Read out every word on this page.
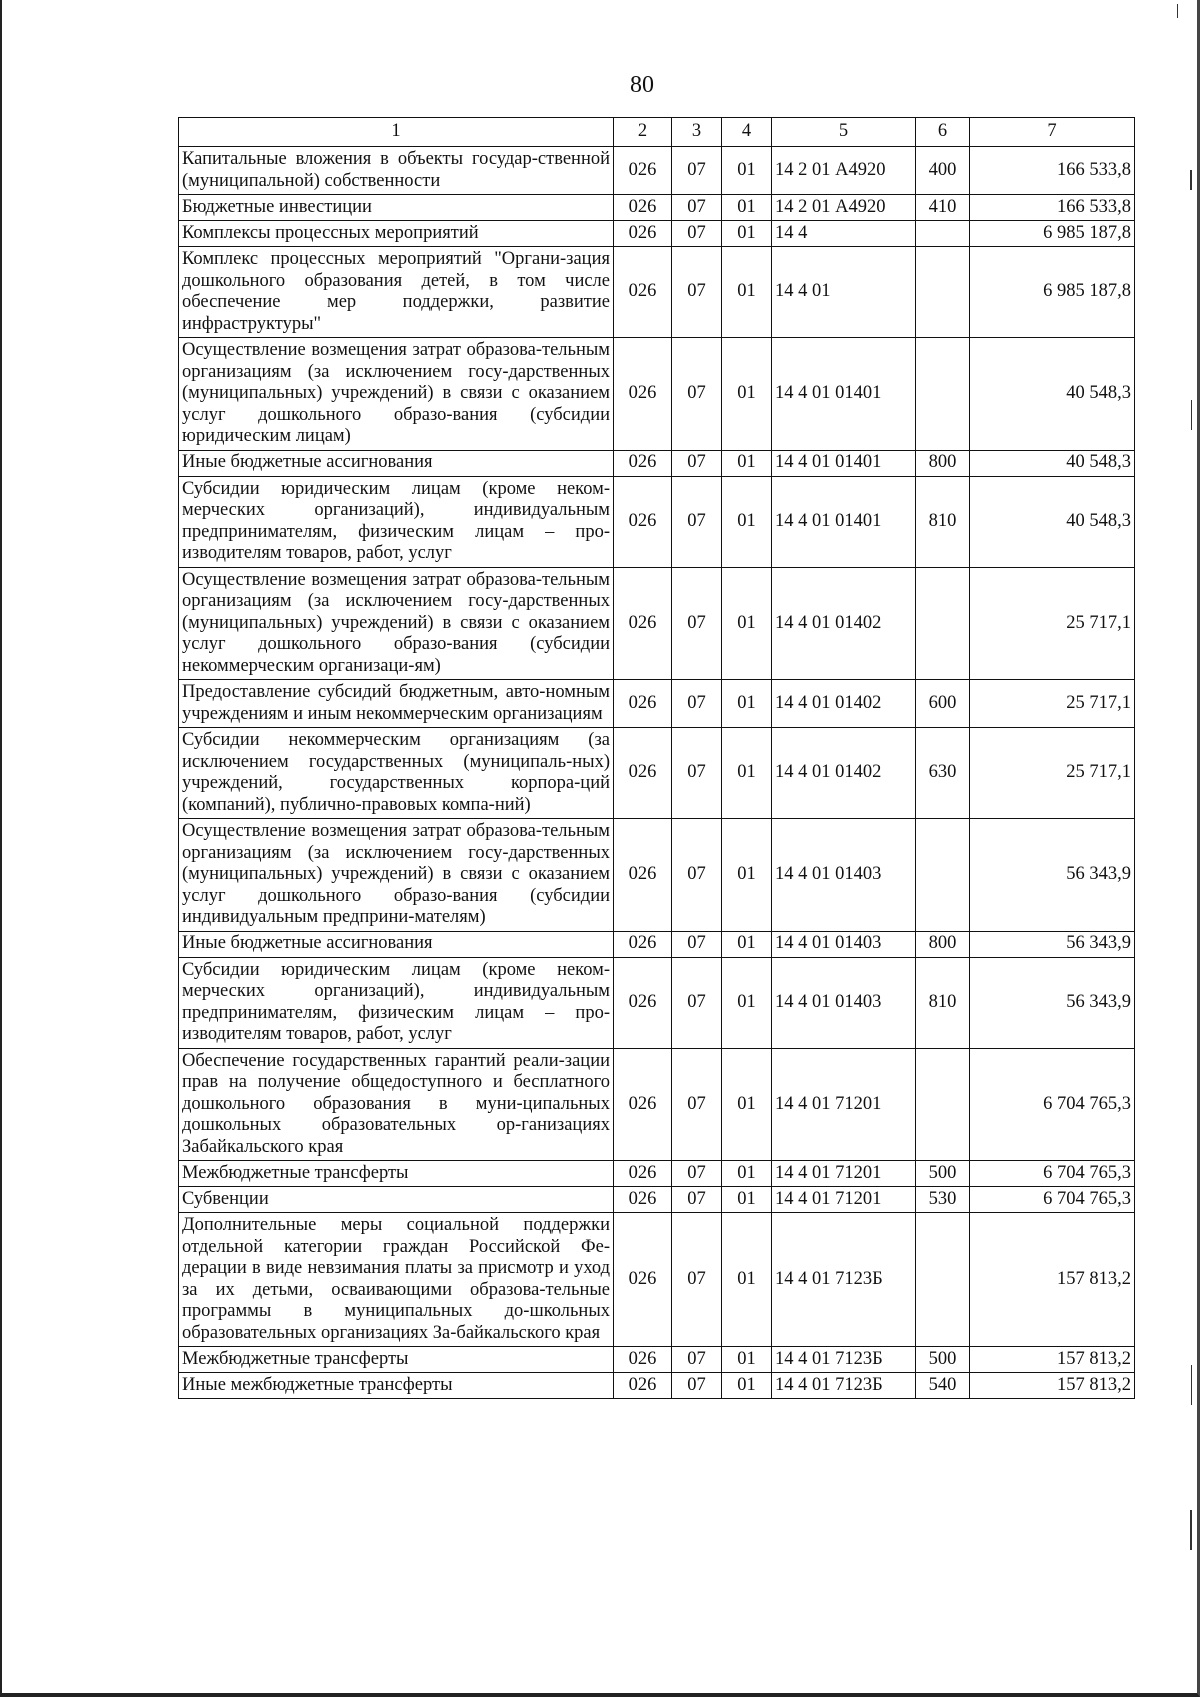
80
1	2	3	4	5	6	7
Капитальные вложения в объекты государ-ственной (муниципальной) собственности	026	07	01	14 2 01 А4920	400	166 533,8
Бюджетные инвестиции	026	07	01	14 2 01 А4920	410	166 533,8
Комплексы процессных мероприятий	026	07	01	14 4		6 985 187,8
Комплекс процессных мероприятий "Органи-зация дошкольного образования детей, в том числе обеспечение мер поддержки, развитие инфраструктуры"	026	07	01	14 4 01		6 985 187,8
Осуществление возмещения затрат образова-тельным организациям (за исключением госу-дарственных (муниципальных) учреждений) в связи с оказанием услуг дошкольного образо-вания (субсидии юридическим лицам)	026	07	01	14 4 01 01401		40 548,3
Иные бюджетные ассигнования	026	07	01	14 4 01 01401	800	40 548,3
Субсидии юридическим лицам (кроме неком-мерческих организаций), индивидуальным предпринимателям, физическим лицам – про-изводителям товаров, работ, услуг	026	07	01	14 4 01 01401	810	40 548,3
Осуществление возмещения затрат образова-тельным организациям (за исключением госу-дарственных (муниципальных) учреждений) в связи с оказанием услуг дошкольного образо-вания (субсидии некоммерческим организаци-ям)	026	07	01	14 4 01 01402		25 717,1
Предоставление субсидий бюджетным, авто-номным учреждениям и иным некоммерческим организациям	026	07	01	14 4 01 01402	600	25 717,1
Субсидии некоммерческим организациям (за исключением государственных (муниципаль-ных) учреждений, государственных корпора-ций (компаний), публично-правовых компа-ний)	026	07	01	14 4 01 01402	630	25 717,1
Осуществление возмещения затрат образова-тельным организациям (за исключением госу-дарственных (муниципальных) учреждений) в связи с оказанием услуг дошкольного образо-вания (субсидии индивидуальным предприни-мателям)	026	07	01	14 4 01 01403		56 343,9
Иные бюджетные ассигнования	026	07	01	14 4 01 01403	800	56 343,9
Субсидии юридическим лицам (кроме неком-мерческих организаций), индивидуальным предпринимателям, физическим лицам – про-изводителям товаров, работ, услуг	026	07	01	14 4 01 01403	810	56 343,9
Обеспечение государственных гарантий реали-зации прав на получение общедоступного и бесплатного дошкольного образования в муни-ципальных дошкольных образовательных ор-ганизациях Забайкальского края	026	07	01	14 4 01 71201		6 704 765,3
Межбюджетные трансферты	026	07	01	14 4 01 71201	500	6 704 765,3
Субвенции	026	07	01	14 4 01 71201	530	6 704 765,3
Дополнительные меры социальной поддержки отдельной категории граждан Российской Фе-дерации в виде невзимания платы за присмотр и уход за их детьми, осваивающими образова-тельные программы в муниципальных до-школьных образовательных организациях За-байкальского края	026	07	01	14 4 01 7123Б		157 813,2
Межбюджетные трансферты	026	07	01	14 4 01 7123Б	500	157 813,2
Иные межбюджетные трансферты	026	07	01	14 4 01 7123Б	540	157 813,2
